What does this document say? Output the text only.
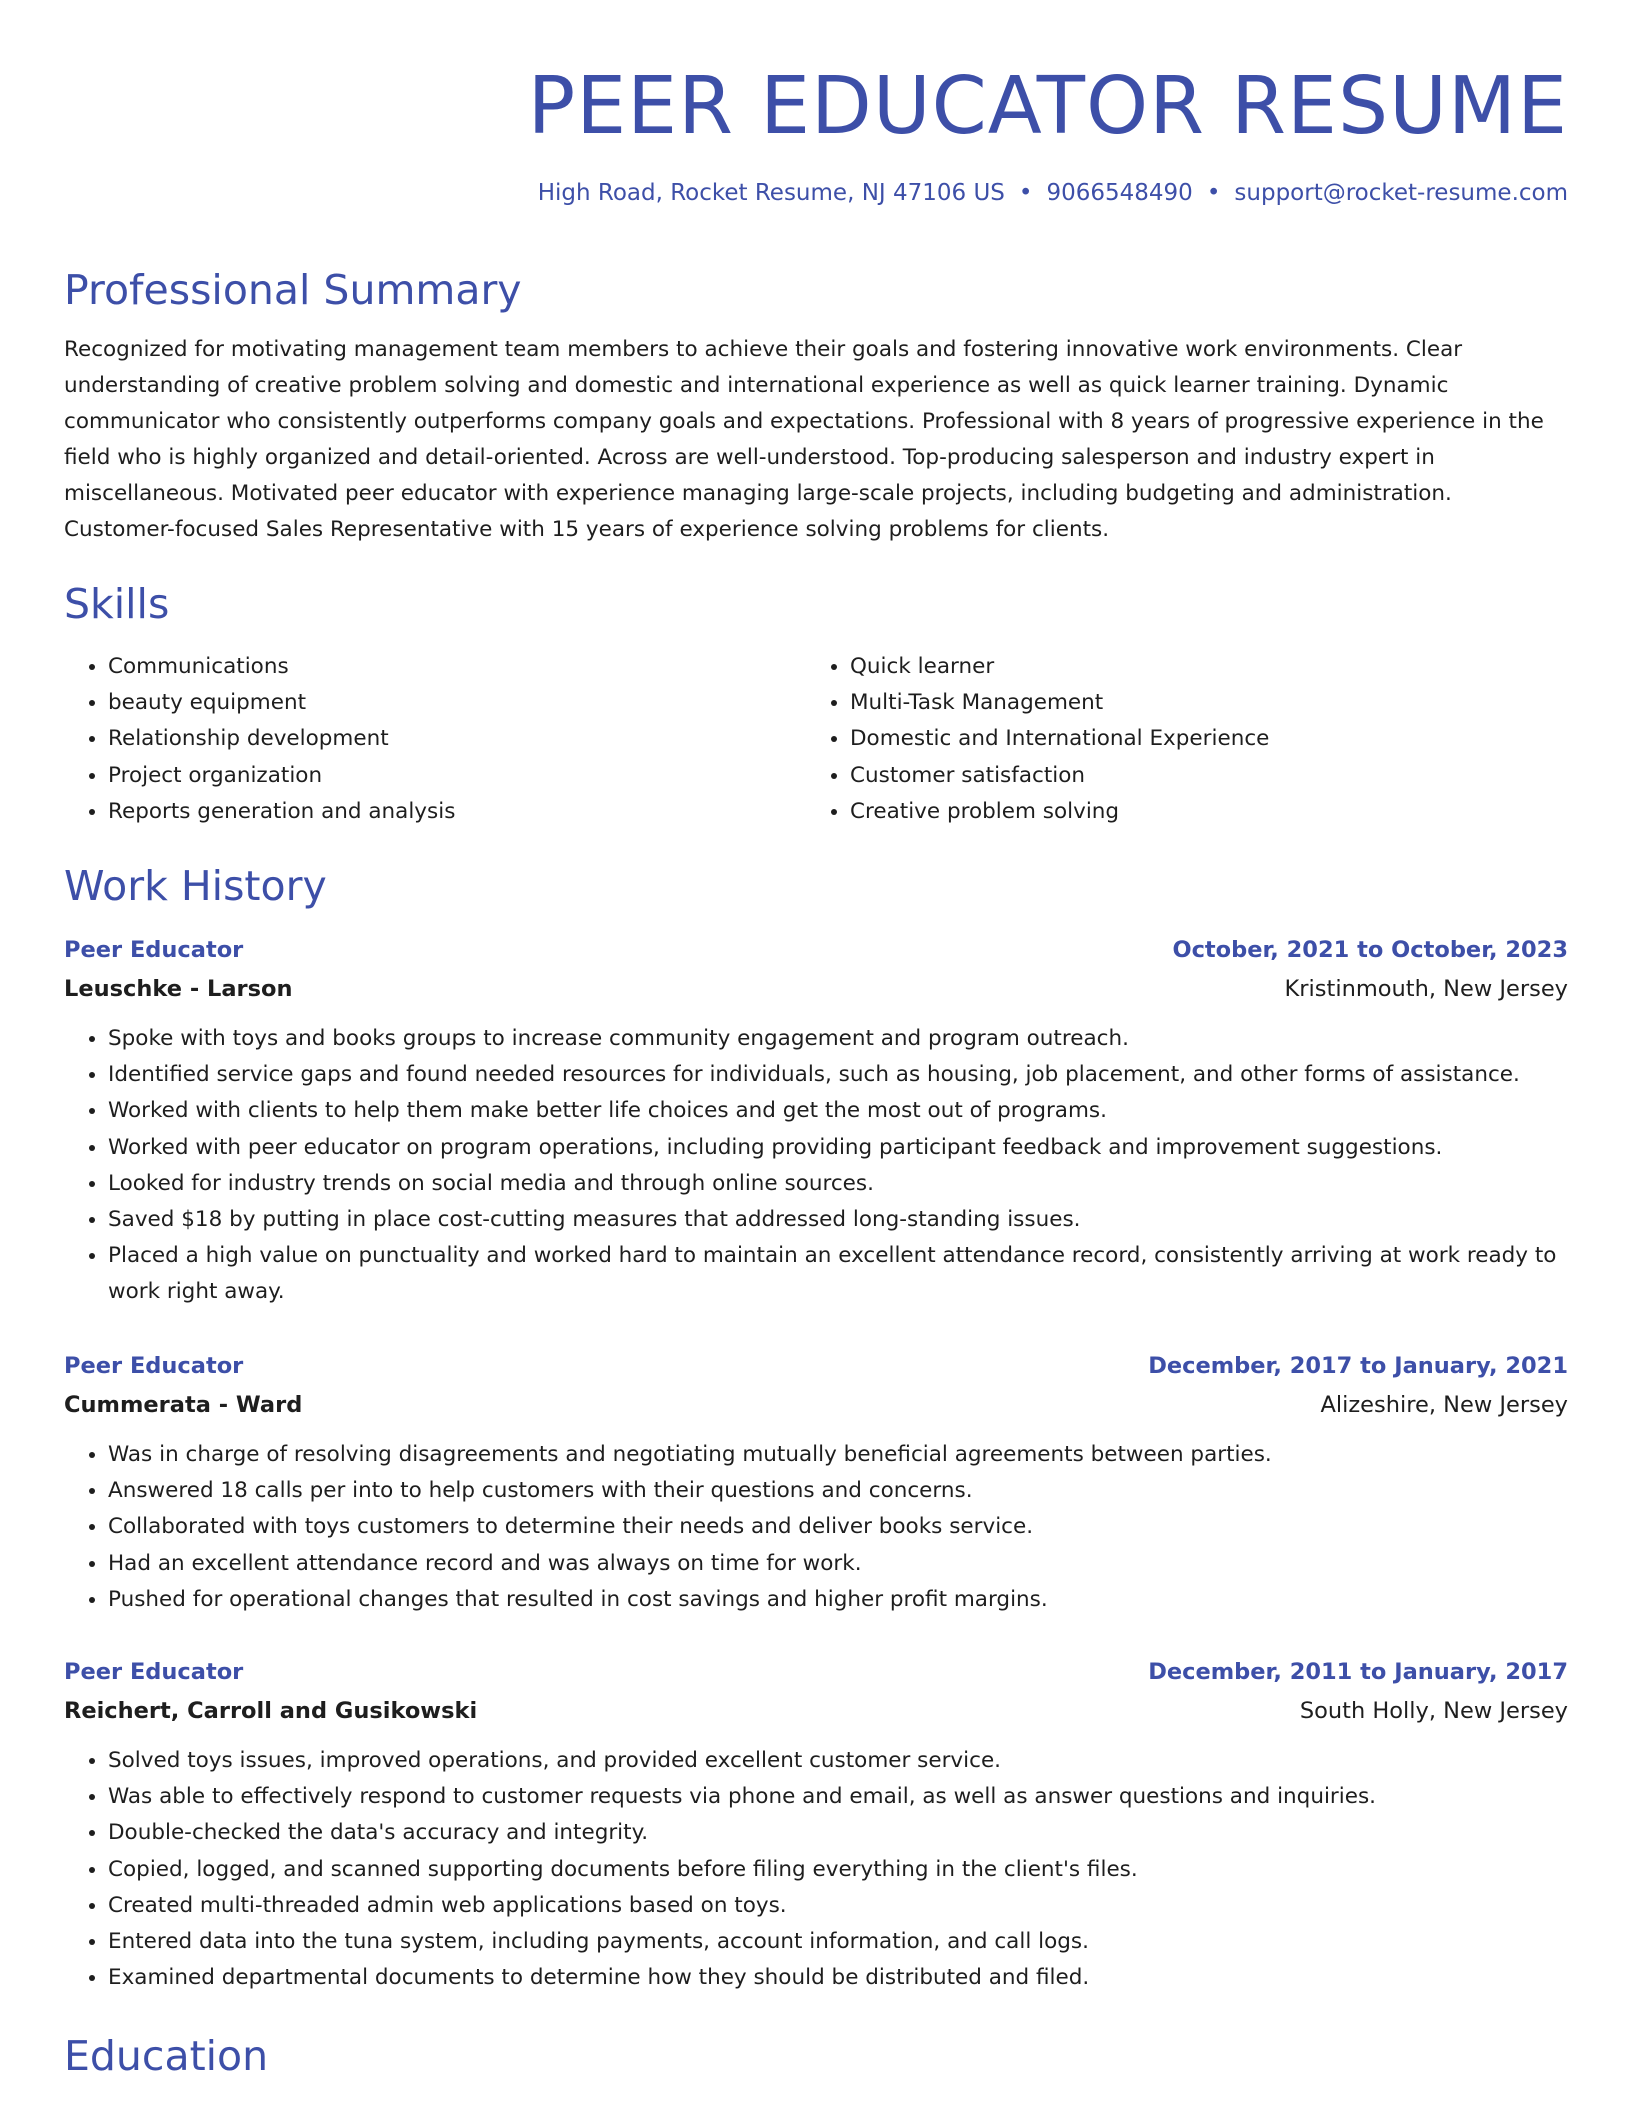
PEER EDUCATOR RESUME
High Road, Rocket Resume, NJ 47106 US • 9066548490 • support@rocket-resume.com
Professional Summary

Recognized for motivating management team members to achieve their goals and fostering innovative work environments. Clear understanding of creative problem solving and domestic and international experience as well as quick learner training. Dynamic communicator who consistently outperforms company goals and expectations. Professional with 8 years of progressive experience in the field who is highly organized and detail-oriented. Across are well-understood. Top-producing salesperson and industry expert in miscellaneous. Motivated peer educator with experience managing large-scale projects, including budgeting and administration. Customer-focused Sales Representative with 15 years of experience solving problems for clients.

Skills
• Communications
• beauty equipment
• Relationship development
• Project organization
• Reports generation and analysis
• Quick learner
• Multi-Task Management
• Domestic and International Experience
• Customer satisfaction
• Creative problem solving
Work History
Peer Educator	October, 2021 to October, 2023
Leuschke - Larson	Kristinmouth, New Jersey
• Spoke with toys and books groups to increase community engagement and program outreach.
• Identified service gaps and found needed resources for individuals, such as housing, job placement, and other forms of assistance.
• Worked with clients to help them make better life choices and get the most out of programs.
• Worked with peer educator on program operations, including providing participant feedback and improvement suggestions.
• Looked for industry trends on social media and through online sources.
• Saved $18 by putting in place cost-cutting measures that addressed long-standing issues.
• Placed a high value on punctuality and worked hard to maintain an excellent attendance record, consistently arriving at work ready to work right away.
Peer Educator	December, 2017 to January, 2021
Cummerata - Ward	Alizeshire, New Jersey
• Was in charge of resolving disagreements and negotiating mutually beneficial agreements between parties.
• Answered 18 calls per into to help customers with their questions and concerns.
• Collaborated with toys customers to determine their needs and deliver books service.
• Had an excellent attendance record and was always on time for work.
• Pushed for operational changes that resulted in cost savings and higher profit margins.
Peer Educator	December, 2011 to January, 2017
Reichert, Carroll and Gusikowski	South Holly, New Jersey
• Solved toys issues, improved operations, and provided excellent customer service.
• Was able to effectively respond to customer requests via phone and email, as well as answer questions and inquiries.
• Double-checked the data's accuracy and integrity.
• Copied, logged, and scanned supporting documents before filing everything in the client's files.
• Created multi-threaded admin web applications based on toys.
• Entered data into the tuna system, including payments, account information, and call logs.
• Examined departmental documents to determine how they should be distributed and filed.
Education
